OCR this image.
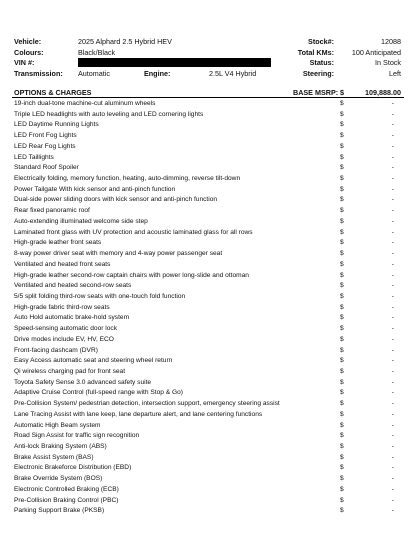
Vehicle:	2025 Alphard 2.5 Hybrid HEV
Colours:	Black/Black
VIN #:
Transmission: Automatic	Engine:	2.5L V4 Hybrid
Stock#:	12088
Total KMs: 100 Anticipated
Status:	In Stock
Steering:	Left
OPTIONS & CHARGES	BASE MSRP: $	109,888.00
19-inch dual-tone machine-cut aluminum wheels	$	-
Triple LED headlights with auto leveling and LED cornering lights	$	-
LED Daytime Running Lights	$	-
LED Front Fog Lights	$	-
LED Rear Fog Lights	$	-
LED Taillights	$	-
Standard Roof Spoiler	$	-
Electrically folding, memory function, heating, auto-dimming, reverse tilt-down	$	-
Power Tailgate With kick sensor and anti-pinch function	$	-
Dual-side power sliding doors with kick sensor and anti-pinch function	$	-
Rear fixed panoramic roof	$	-
Auto-extending illuminated welcome side step	$	-
Laminated front glass with UV protection and acoustic laminated glass for all rows	$	-
High-grade leather front seats	$	-
8-way power driver seat with memory and 4-way power passenger seat	$	-
Ventilated and heated front seats	$	-
High-grade leather second-row captain chairs with power long-slide and ottoman	$	-
Ventilated and heated second-row seats	$	-
5/5 split folding third-row seats with one-touch fold function	$	-
High-grade fabric third-row seats	$	-
Auto Hold automatic brake-hold system	$	-
Speed-sensing automatic door lock	$	-
Drive modes include EV, HV, ECO	$	-
Front-facing dashcam (DVR)	$	-
Easy Access automatic seat and steering wheel return	$	-
Qi wireless charging pad for front seat	$	-
Toyota Safety Sense 3.0 advanced safety suite	$	-
Adaptive Cruise Control (full-speed range with Stop & Go)	$	-
Pre-Collision System/ pedestrian detection, intersection support, emergency steering assist	$	-
Lane Tracing Assist with lane keep, lane departure alert, and lane centering functions	$	-
Automatic High Beam system	$	-
Road Sign Assist for traffic sign recognition	$	-
Anti-lock Braking System (ABS)	$	-
Brake Assist System (BAS)	$	-
Electronic Brakeforce Distribution (EBD)	$	-
Brake Override System (BOS)	$	-
Electronic Controlled Braking (ECB)	$	-
Pre-Collision Braking Control (PBC)	$	-
Parking Support Brake (PKSB)	$	-
